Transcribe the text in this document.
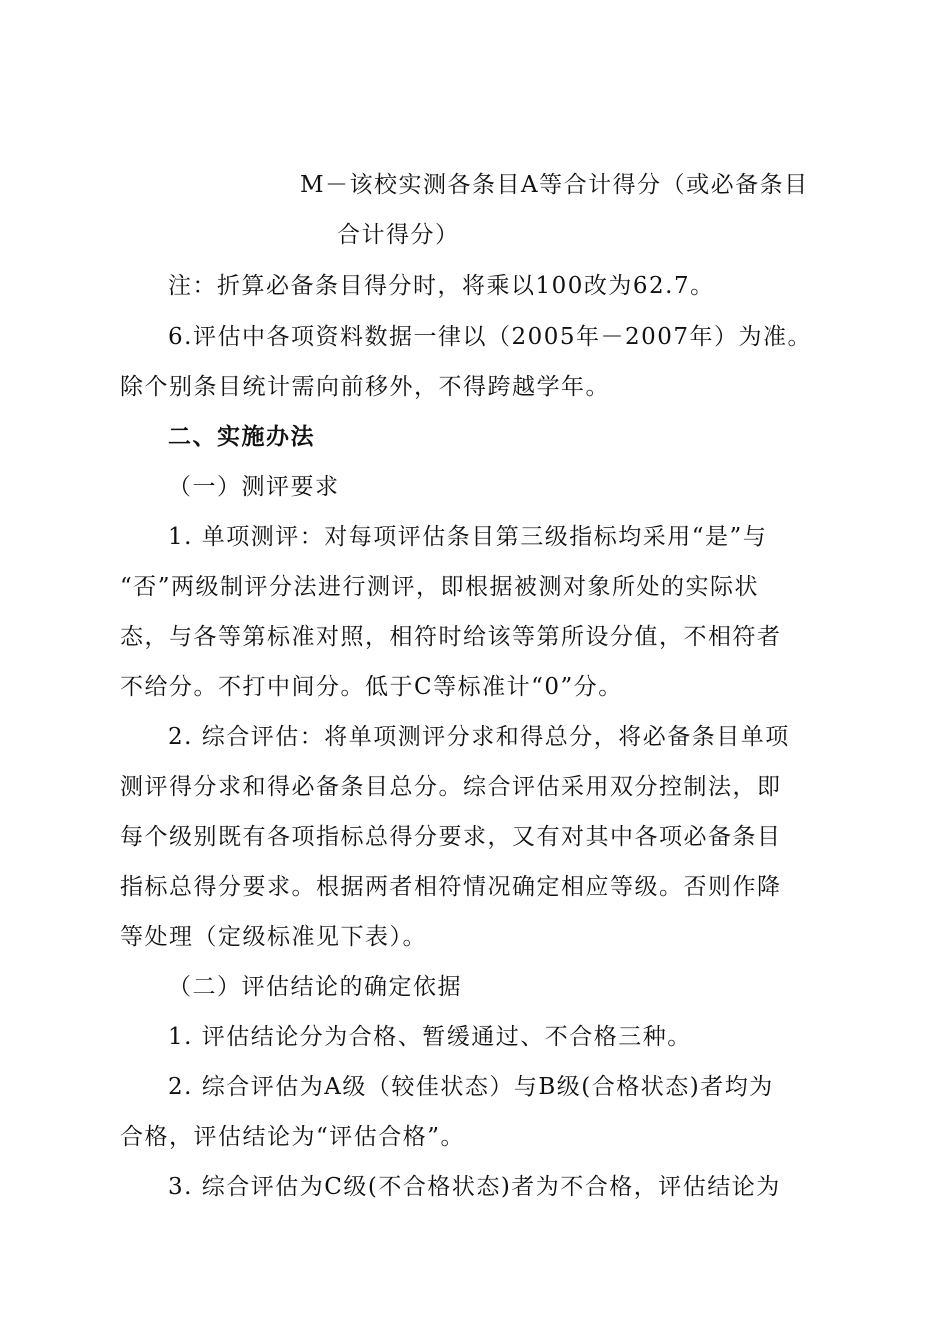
M－该校实测各条目A等合计得分（或必备条目
合计得分）
注：折算必备条目得分时，将乘以100改为62.7。
6.评估中各项资料数据一律以（2005年－2007年）为准。
除个别条目统计需向前移外，不得跨越学年。
二、实施办法
（一）测评要求
1. 单项测评：对每项评估条目第三级指标均采用“是”与
“否”两级制评分法进行测评，即根据被测对象所处的实际状
态，与各等第标准对照，相符时给该等第所设分值，不相符者
不给分。不打中间分。低于C等标准计“0”分。
2. 综合评估：将单项测评分求和得总分，将必备条目单项
测评得分求和得必备条目总分。综合评估采用双分控制法，即
每个级别既有各项指标总得分要求，又有对其中各项必备条目
指标总得分要求。根据两者相符情况确定相应等级。否则作降
等处理（定级标准见下表）。
（二）评估结论的确定依据
1. 评估结论分为合格、暂缓通过、不合格三种。
2. 综合评估为A级（较佳状态）与B级(合格状态)者均为
合格，评估结论为“评估合格”。
3. 综合评估为C级(不合格状态)者为不合格，评估结论为
